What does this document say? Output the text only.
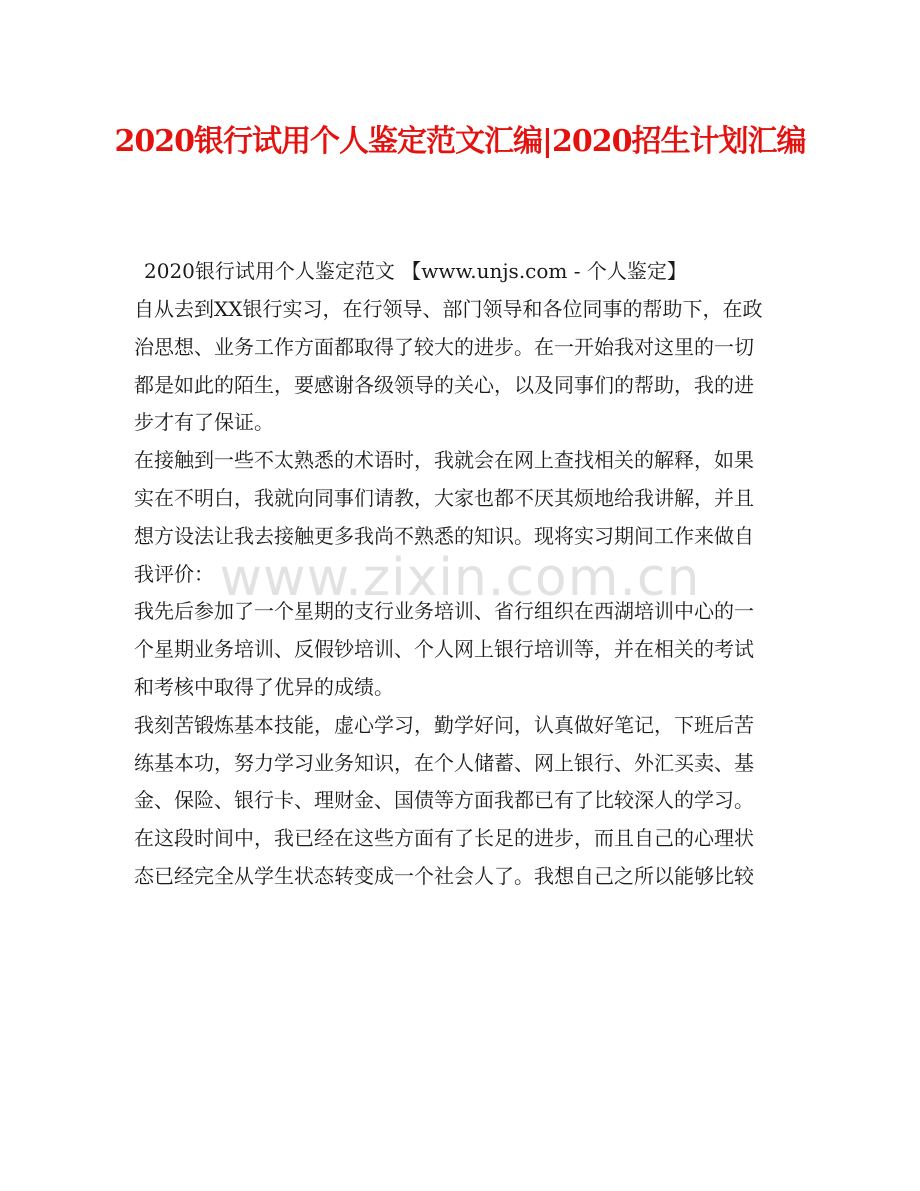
2020银行试用个人鉴定范文汇编|2020招生计划汇编
www.zixin.com.cn
2020银行试用个人鉴定范文 【www.unjs.com - 个人鉴定】
自从去到XX银行实习，在行领导、部门领导和各位同事的帮助下，在政
治思想、业务工作方面都取得了较大的进步。在一开始我对这里的一切
都是如此的陌生，要感谢各级领导的关心，以及同事们的帮助，我的进
步才有了保证。
在接触到一些不太熟悉的术语时，我就会在网上查找相关的解释，如果
实在不明白，我就向同事们请教，大家也都不厌其烦地给我讲解，并且
想方设法让我去接触更多我尚不熟悉的知识。现将实习期间工作来做自
我评价：
我先后参加了一个星期的支行业务培训、省行组织在西湖培训中心的一
个星期业务培训、反假钞培训、个人网上银行培训等，并在相关的考试
和考核中取得了优异的成绩。
我刻苦锻炼基本技能，虚心学习，勤学好问，认真做好笔记，下班后苦
练基本功，努力学习业务知识，在个人储蓄、网上银行、外汇买卖、基
金、保险、银行卡、理财金、国债等方面我都已有了比较深人的学习。
在这段时间中，我已经在这些方面有了长足的进步，而且自己的心理状
态已经完全从学生状态转变成一个社会人了。我想自己之所以能够比较
